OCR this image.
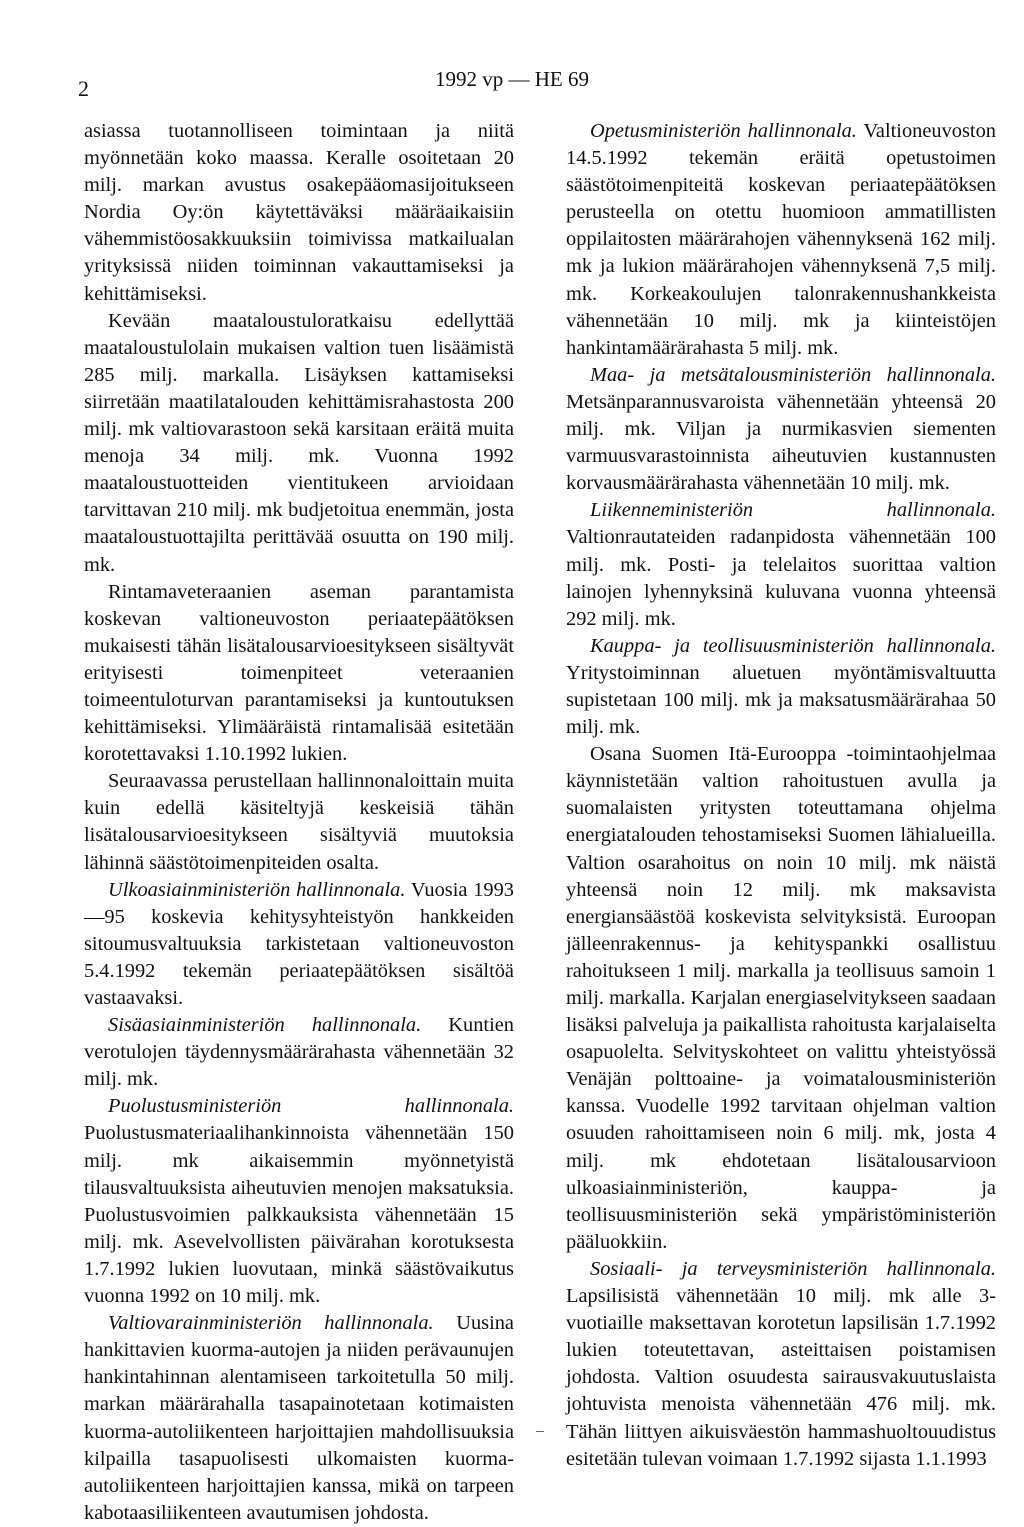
2	1992 vp — HE 69

asiassa tuotannolliseen toimintaan ja niitä myönnetään koko maassa. Keralle osoitetaan 20 milj. markan avustus osakepääomasijoitukseen Nordia Oy:ön käytettäväksi määräaikaisiin vähemmistöosakkuuksiin toimivissa matkailualan yrityksissä niiden toiminnan vakauttamiseksi ja kehittämiseksi.

Kevään maataloustuloratkaisu edellyttää maataloustulolain mukaisen valtion tuen lisäämistä 285 milj. markalla. Lisäyksen kattamiseksi siirretään maatilatalouden kehittämisrahastosta 200 milj. mk valtiovarastoon sekä karsitaan eräitä muita menoja 34 milj. mk. Vuonna 1992 maataloustuotteiden vientitukeen arvioidaan tarvittavan 210 milj. mk budjetoitua enemmän, josta maataloustuottajilta perittävää osuutta on 190 milj. mk.

Rintamaveteraanien aseman parantamista koskevan valtioneuvoston periaatepäätöksen mukaisesti tähän lisätalousarvioesitykseen sisältyvät erityisesti toimenpiteet veteraanien toimeentuloturvan parantamiseksi ja kuntoutuksen kehittämiseksi. Ylimääräistä rintamalisää esitetään korotettavaksi 1.10.1992 lukien.

Seuraavassa perustellaan hallinnonaloittain muita kuin edellä käsiteltyjä keskeisiä tähän lisätalousarvioesitykseen sisältyviä muutoksia lähinnä säästötoimenpiteiden osalta.

Ulkoasiainministeriön hallinnonala. Vuosia 1993—95 koskevia kehitysyhteistyön hankkeiden sitoumusvaltuuksia tarkistetaan valtioneuvoston 5.4.1992 tekemän periaatepäätöksen sisältöä vastaavaksi.

Sisäasiainministeriön hallinnonala. Kuntien verotulojen täydennysmäärärahasta vähennetään 32 milj. mk.

Puolustusministeriön hallinnonala. Puolustusmateriaalihankinnoista vähennetään 150 milj. mk aikaisemmin myönnetyistä tilausvaltuuksista aiheutuvien menojen maksatuksia. Puolustusvoimien palkkauksista vähennetään 15 milj. mk. Asevelvollisten päivärahan korotuksesta 1.7.1992 lukien luovutaan, minkä säästövaikutus vuonna 1992 on 10 milj. mk.

Valtiovarainministeriön hallinnonala. Uusina hankittavien kuorma-autojen ja niiden perävaunujen hankintahinnan alentamiseen tarkoitetulla 50 milj. markan määrärahalla tasapainotetaan kotimaisten kuorma-autoliikenteen harjoittajien mahdollisuuksia kilpailla tasapuolisesti ulkomaisten kuorma-autoliikenteen harjoittajien kanssa, mikä on tarpeen kabotaasiliikenteen avautumisen johdosta.

Opetusministeriön hallinnonala. Valtioneuvoston 14.5.1992 tekemän eräitä opetustoimen säästötoimenpiteitä koskevan periaatepäätöksen perusteella on otettu huomioon ammatillisten oppilaitosten määrärahojen vähennyksenä 162 milj. mk ja lukion määrärahojen vähennyksenä 7,5 milj. mk. Korkeakoulujen talonrakennushankkeista vähennetään 10 milj. mk ja kiinteistöjen hankintamäärärahasta 5 milj. mk.

Maa- ja metsätalousministeriön hallinnonala. Metsänparannusvaroista vähennetään yhteensä 20 milj. mk. Viljan ja nurmikasvien siementen varmuusvarastoinnista aiheutuvien kustannusten korvausmäärärahasta vähennetään 10 milj. mk.

Liikenneministeriön hallinnonala. Valtionrautateiden radanpidosta vähennetään 100 milj. mk. Posti- ja telelaitos suorittaa valtion lainojen lyhennyksinä kuluvana vuonna yhteensä 292 milj. mk.

Kauppa- ja teollisuusministeriön hallinnonala. Yritystoiminnan aluetuen myöntämisvaltuutta supistetaan 100 milj. mk ja maksatusmäärärahaa 50 milj. mk.

Osana Suomen Itä-Eurooppa -toimintaohjelmaa käynnistetään valtion rahoitustuen avulla ja suomalaisten yritysten toteuttamana ohjelma energiatalouden tehostamiseksi Suomen lähialueilla. Valtion osarahoitus on noin 10 milj. mk näistä yhteensä noin 12 milj. mk maksavista energiansäästöä koskevista selvityksistä. Euroopan jälleenrakennus- ja kehityspankki osallistuu rahoitukseen 1 milj. markalla ja teollisuus samoin 1 milj. markalla. Karjalan energiaselvitykseen saadaan lisäksi palveluja ja paikallista rahoitusta karjalaiselta osapuolelta. Selvityskohteet on valittu yhteistyössä Venäjän polttoaine- ja voimatalousministeriön kanssa. Vuodelle 1992 tarvitaan ohjelman valtion osuuden rahoittamiseen noin 6 milj. mk, josta 4 milj. mk ehdotetaan lisätalousarvioon ulkoasiainministeriön, kauppa- ja teollisuusministeriön sekä ympäristöministeriön pääluokkiin.

Sosiaali- ja terveysministeriön hallinnonala. Lapsilisistä vähennetään 10 milj. mk alle 3-vuotiaille maksettavan korotetun lapsilisän 1.7.1992 lukien toteutettavan, asteittaisen poistamisen johdosta. Valtion osuudesta sairausvakuutuslaista johtuvista menoista vähennetään 476 milj. mk. Tähän liittyen aikuisväestön hammashuoltouudistus esitetään tulevan voimaan 1.7.1992 sijasta 1.1.1993
